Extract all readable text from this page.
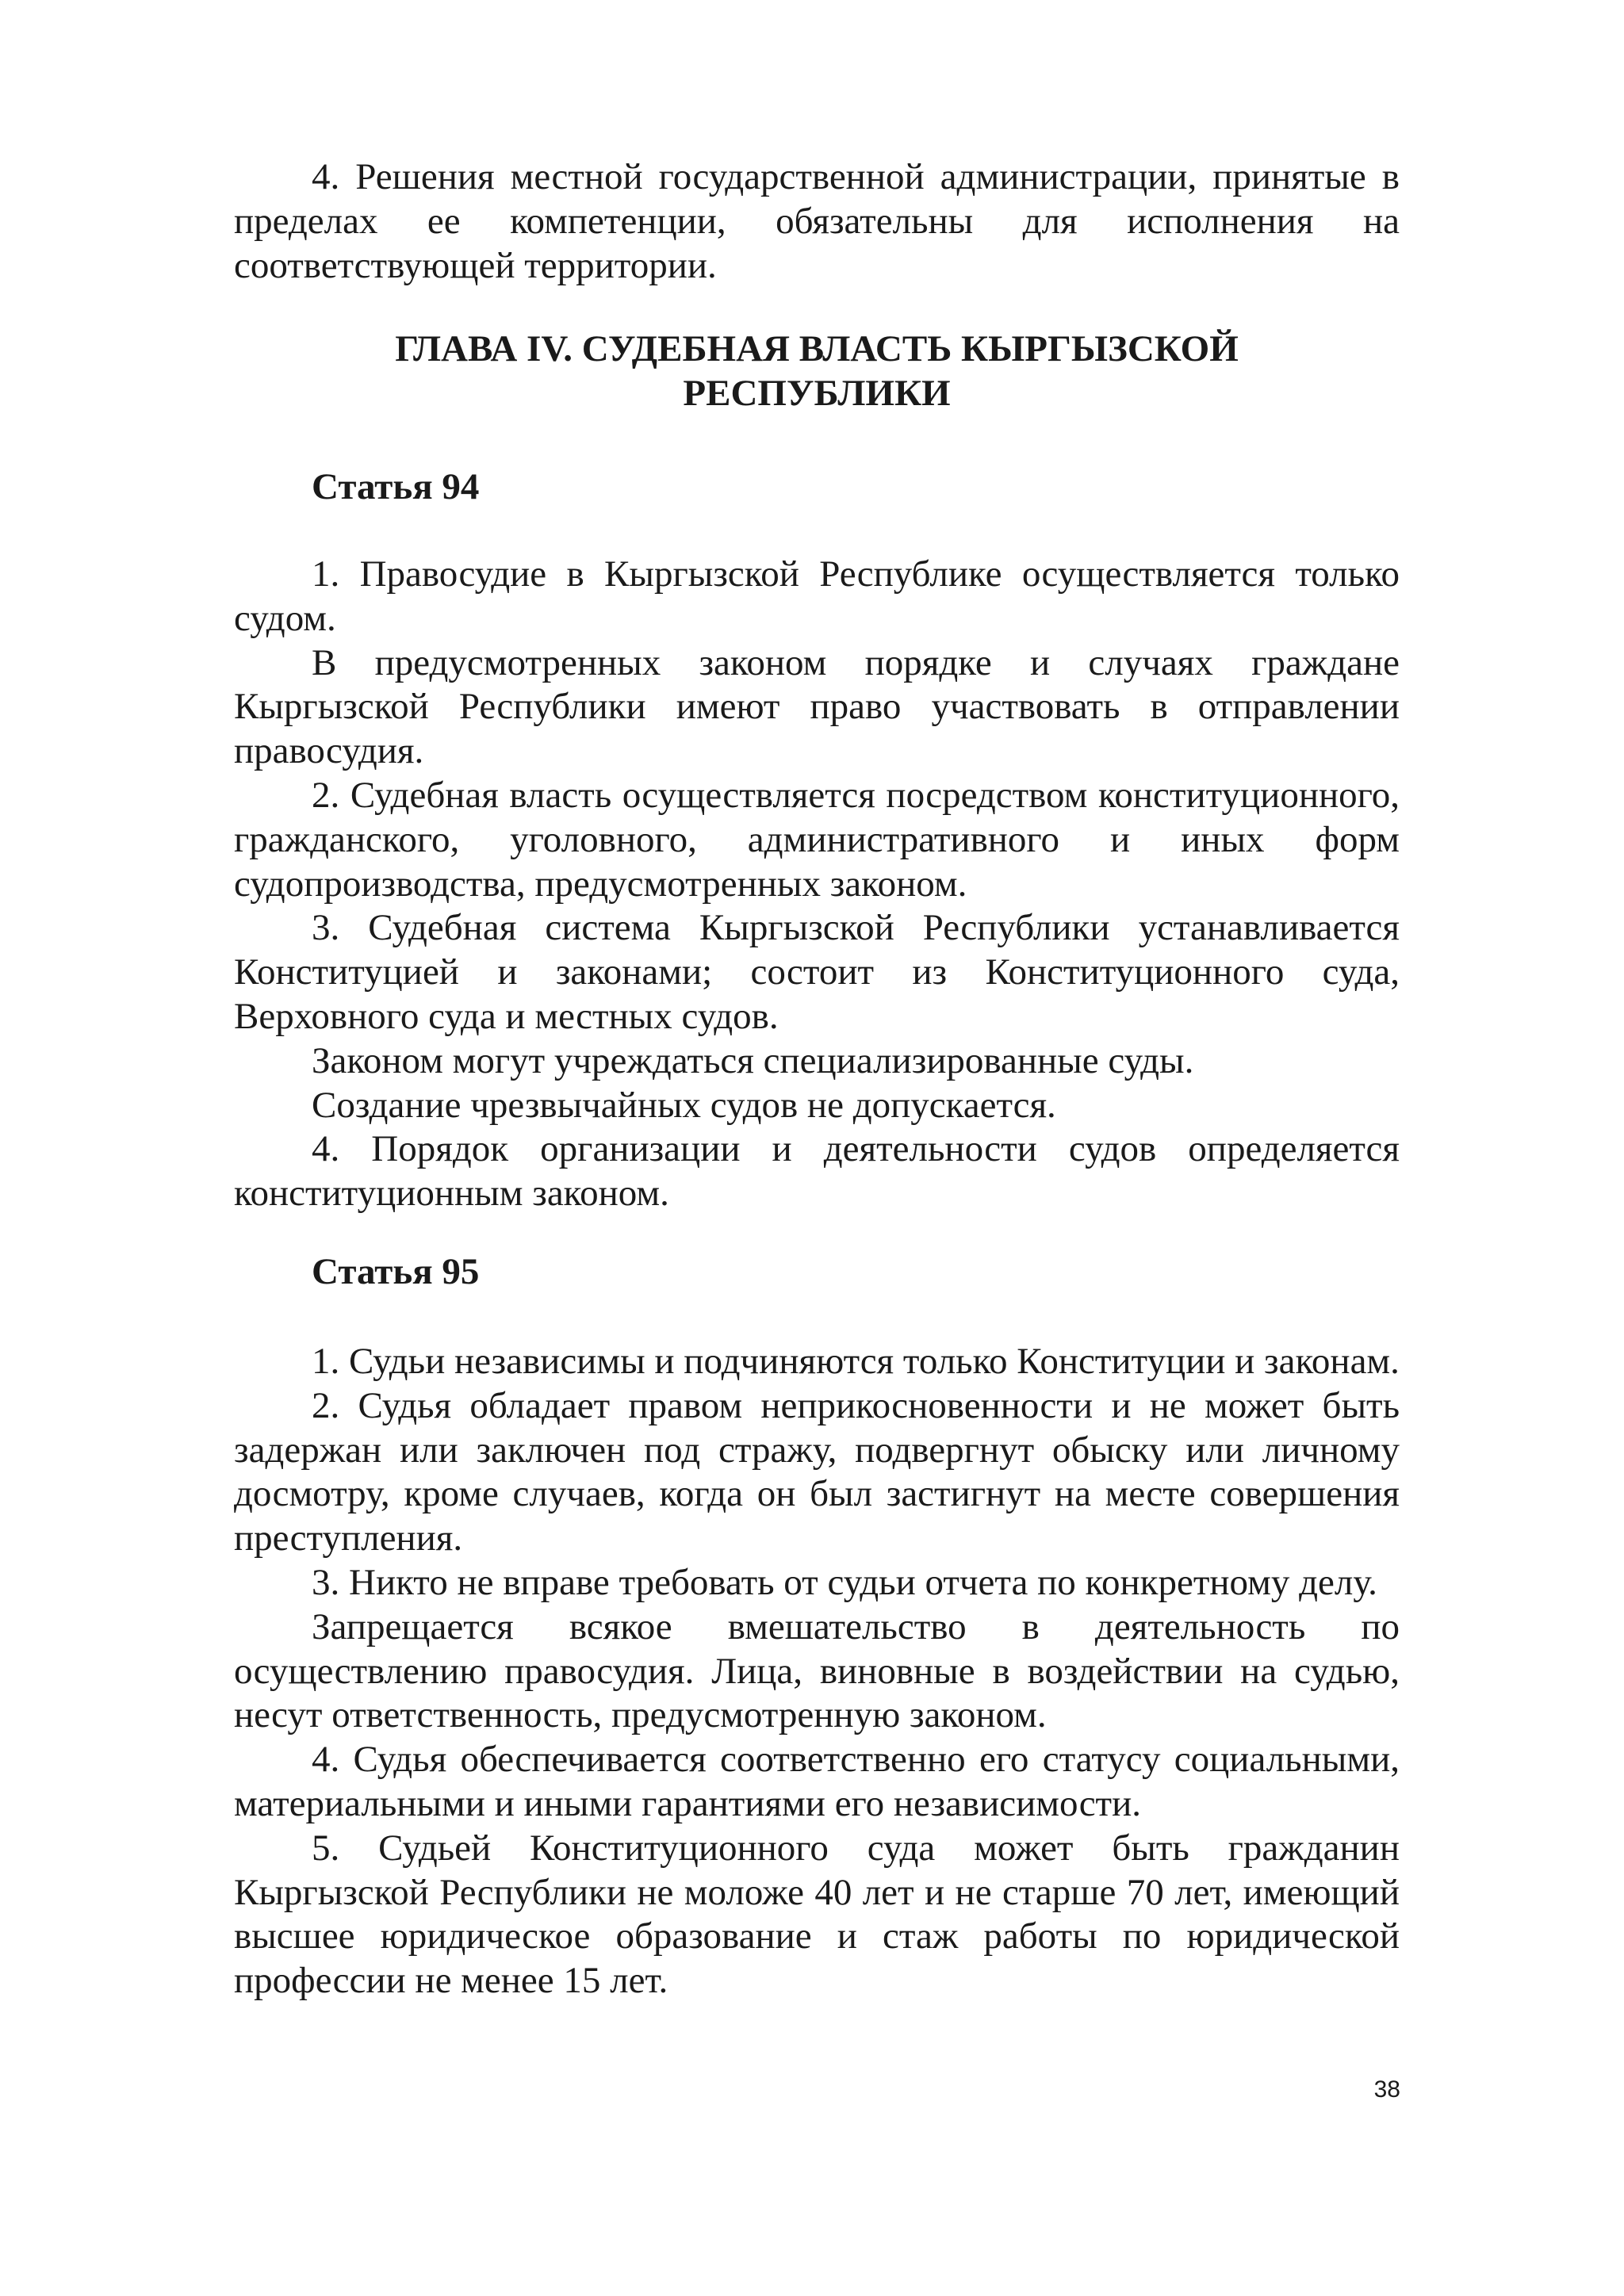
4. Решения местной государственной администрации, принятые в пределах ее компетенции, обязательны для исполнения на соответствующей территории.

ГЛАВА IV. СУДЕБНАЯ ВЛАСТЬ КЫРГЫЗСКОЙ
РЕСПУБЛИКИ
Статья 94

1. Правосудие в Кыргызской Республике осуществляется только судом.

В предусмотренных законом порядке и случаях граждане Кыргызской Республики имеют право участвовать в отправлении правосудия.

2. Судебная власть осуществляется посредством конституционного, гражданского, уголовного, административного и иных форм судопроизводства, предусмотренных законом.

3. Судебная система Кыргызской Республики устанавливается Конституцией и законами; состоит из Конституционного суда, Верховного суда и местных судов.

Законом могут учреждаться специализированные суды.

Создание чрезвычайных судов не допускается.

4. Порядок организации и деятельности судов определяется конституционным законом.

Статья 95

1. Судьи независимы и подчиняются только Конституции и законам.

2. Судья обладает правом неприкосновенности и не может быть задержан или заключен под стражу, подвергнут обыску или личному досмотру, кроме случаев, когда он был застигнут на месте совершения преступления.

3. Никто не вправе требовать от судьи отчета по конкретному делу.

Запрещается всякое вмешательство в деятельность по осуществлению правосудия. Лица, виновные в воздействии на судью, несут ответственность, предусмотренную законом.

4. Судья обеспечивается соответственно его статусу социальными, материальными и иными гарантиями его независимости.

5. Судьей Конституционного суда может быть гражданин Кыргызской Республики не моложе 40 лет и не старше 70 лет, имеющий высшее юридическое образование и стаж работы по юридической профессии не менее 15 лет.

38
